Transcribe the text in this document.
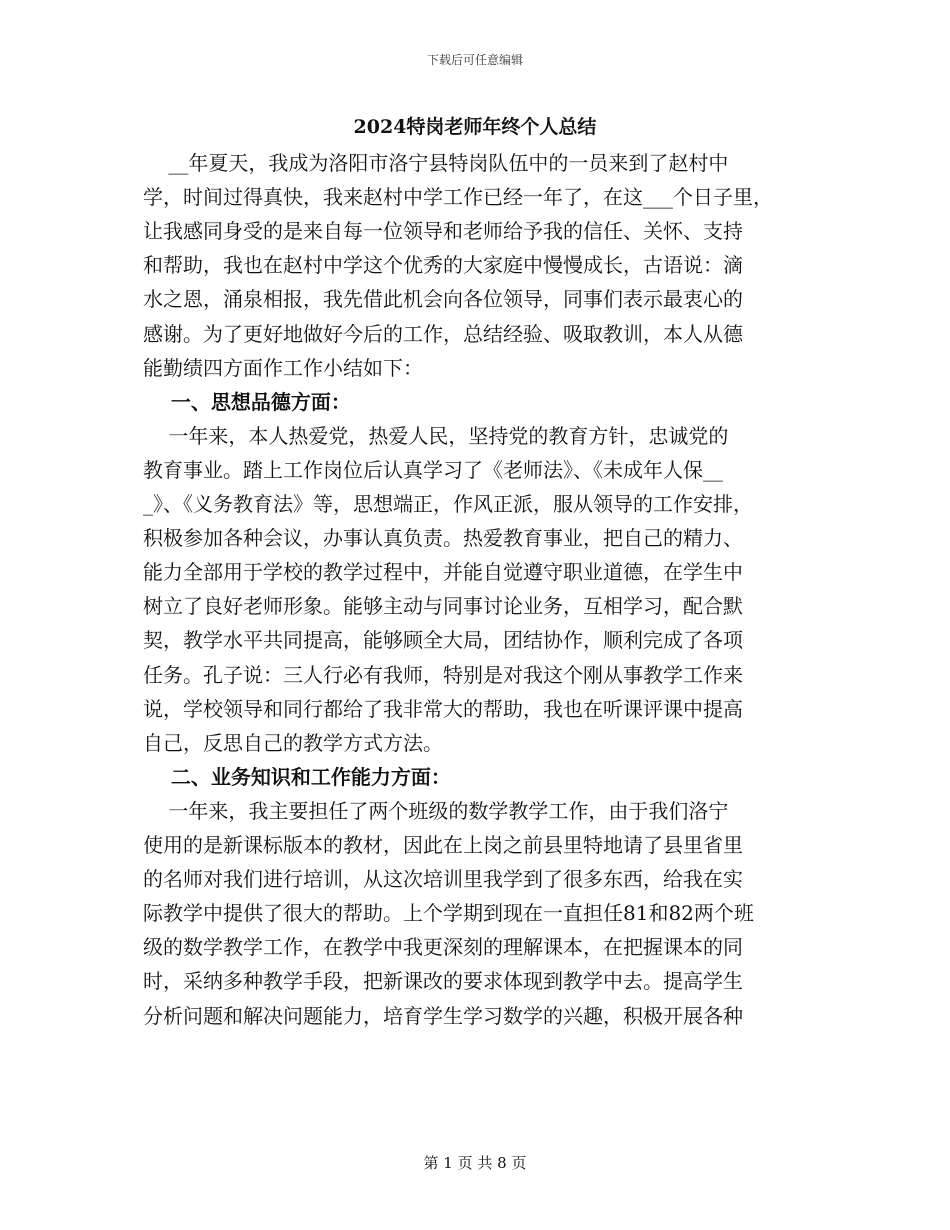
下载后可任意编辑
2024特岗老师年终个人总结
__年夏天，我成为洛阳市洛宁县特岗队伍中的一员来到了赵村中
学，时间过得真快，我来赵村中学工作已经一年了，在这___个日子里，
让我感同身受的是来自每一位领导和老师给予我的信任、关怀、支持
和帮助，我也在赵村中学这个优秀的大家庭中慢慢成长，古语说：滴
水之恩，涌泉相报，我先借此机会向各位领导，同事们表示最衷心的
感谢。为了更好地做好今后的工作，总结经验、吸取教训，本人从德
能勤绩四方面作工作小结如下：
一、思想品德方面：
一年来，本人热爱党，热爱人民，坚持党的教育方针，忠诚党的
教育事业。踏上工作岗位后认真学习了《老师法》、《未成年人保__
_》、《义务教育法》等，思想端正，作风正派，服从领导的工作安排，
积极参加各种会议，办事认真负责。热爱教育事业，把自己的精力、
能力全部用于学校的教学过程中，并能自觉遵守职业道德，在学生中
树立了良好老师形象。能够主动与同事讨论业务，互相学习，配合默
契，教学水平共同提高，能够顾全大局，团结协作，顺利完成了各项
任务。孔子说：三人行必有我师，特别是对我这个刚从事教学工作来
说，学校领导和同行都给了我非常大的帮助，我也在听课评课中提高
自己，反思自己的教学方式方法。
二、业务知识和工作能力方面：
一年来，我主要担任了两个班级的数学教学工作，由于我们洛宁
使用的是新课标版本的教材，因此在上岗之前县里特地请了县里省里
的名师对我们进行培训，从这次培训里我学到了很多东西，给我在实
际教学中提供了很大的帮助。上个学期到现在一直担任81和82两个班
级的数学教学工作，在教学中我更深刻的理解课本，在把握课本的同
时，采纳多种教学手段，把新课改的要求体现到教学中去。提高学生
分析问题和解决问题能力，培育学生学习数学的兴趣，积极开展各种
第 1 页 共 8 页
